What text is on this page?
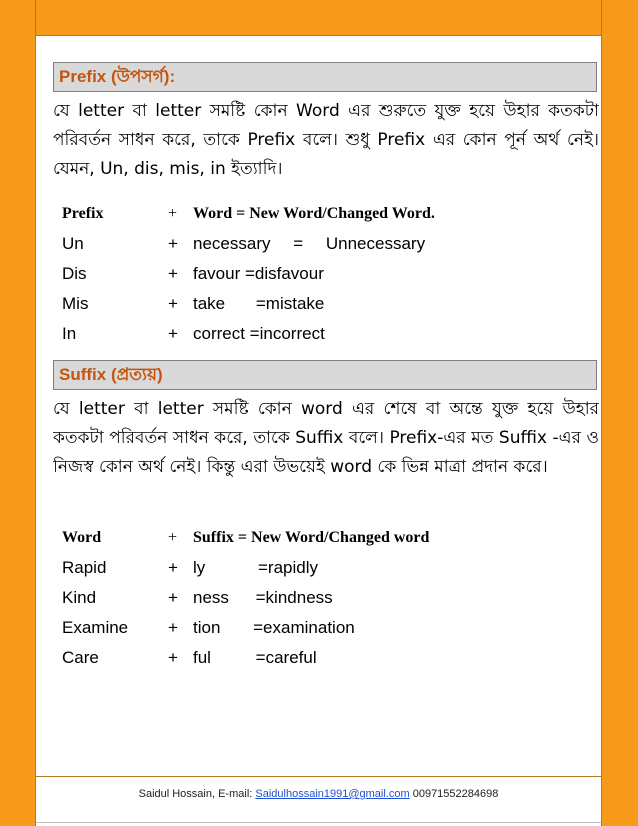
Prefix (উপসর্গ):
যে letter বা letter সমষ্টি কোন Word এর শুরুতে যুক্ত হয়ে উহার কতকটা পরিবর্তন সাধন করে, তাকে Prefix বলে। শুধু Prefix এর কোন পূর্ন অর্থ নেই। যেমন, Un, dis, mis, in ইত্যাদি।
Prefix	+ Word = New Word/Changed Word.
Un	+ necessary = Unnecessary
Dis	+ favour =disfavour
Mis	+ take =mistake
In	+ correct =incorrect
Suffix (প্রত্যয়)
যে letter বা letter সমষ্টি কোন word এর শেষে বা অন্তে যুক্ত হয়ে উহার কতকটা পরিবর্তন সাধন করে, তাকে Suffix বলে। Prefix-এর মত Suffix -এর ও নিজস্ব কোন অর্থ নেই। কিন্তু এরা উভয়েই word কে ভিন্ন মাত্রা প্রদান করে।
Word	+ Suffix = New Word/Changed word
Rapid	+ ly =rapidly
Kind	+ ness =kindness
Examine + tion =examination
Care	+ ful =careful
Saidul Hossain, E-mail: Saidulhossain1991@gmail.com 00971552284698
